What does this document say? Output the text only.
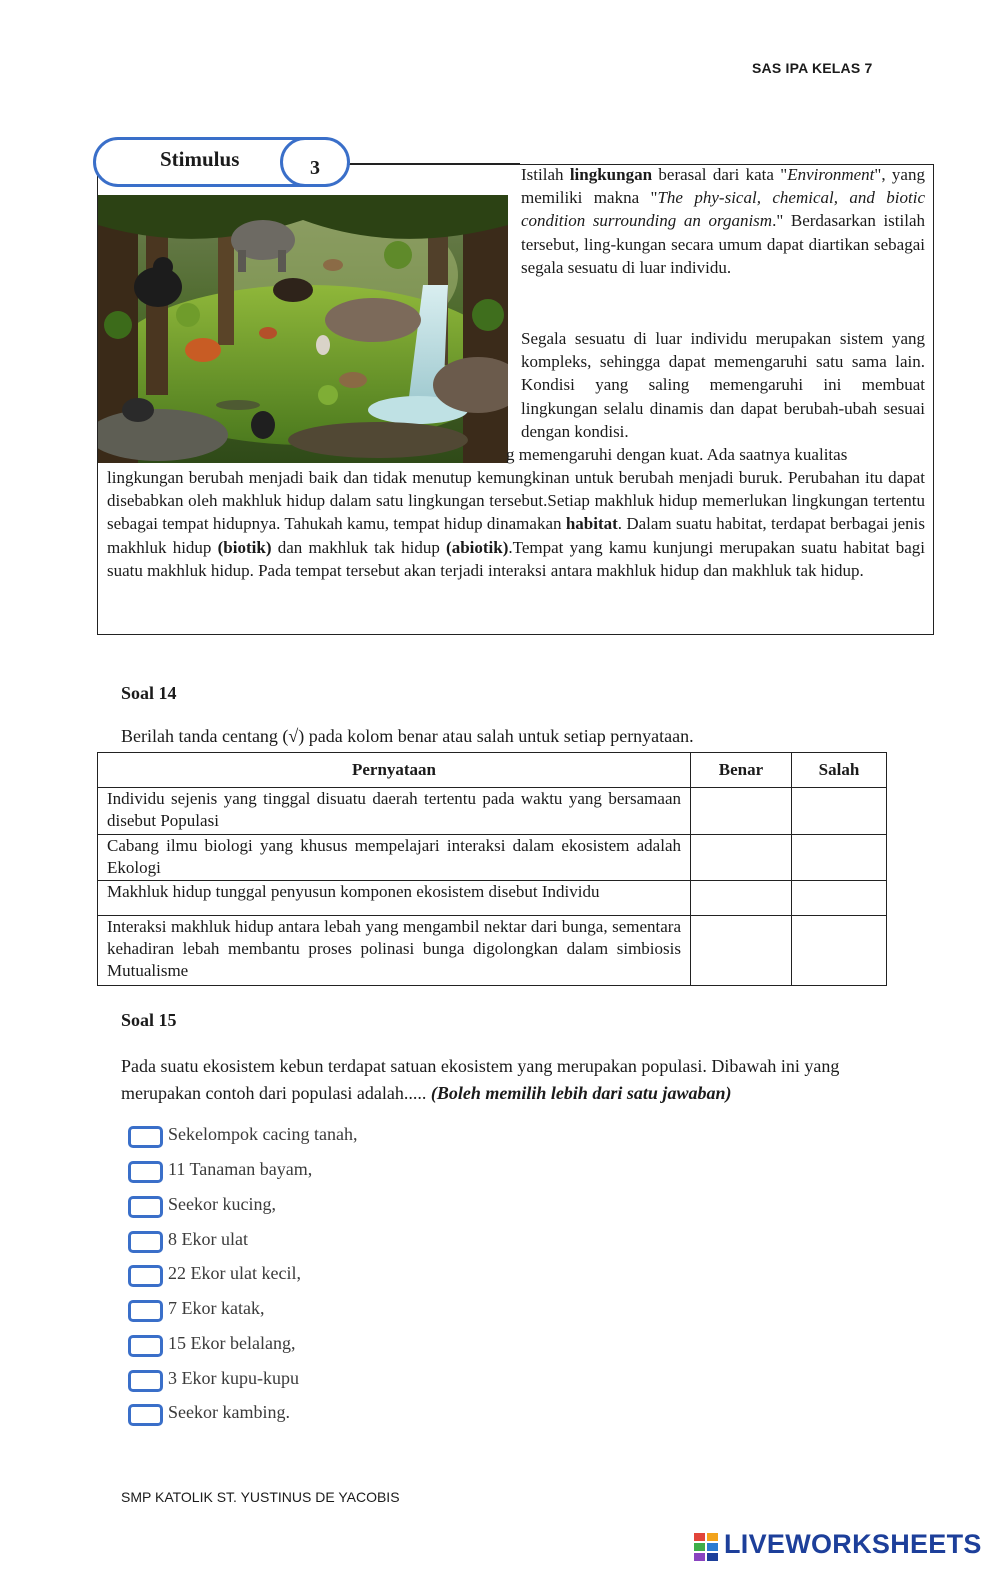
SAS IPA KELAS 7
Stimulus	3	Istilah lingkungan berasal dari kata "Environment", yang memiliki makna "The phy-sical, chemical, and biotic condition surrounding an organism." Berdasarkan istilah tersebut, ling-kungan secara umum dapat diartikan sebagai segala sesuatu di luar individu.
Segala sesuatu di luar individu merupakan sistem yang kompleks, sehingga dapat memengaruhi satu sama lain. Kondisi yang saling memengaruhi ini membuat lingkungan selalu dinamis dan dapat berubah-ubah sesuai dengan kondisi.
g memengaruhi dengan kuat. Ada saatnya kualitas
lingkungan berubah menjadi baik dan tidak menutup kemungkinan untuk berubah menjadi buruk. Perubahan itu dapat disebabkan oleh makhluk hidup dalam satu lingkungan tersebut.Setiap makhluk hidup memerlukan lingkungan tertentu sebagai tempat hidupnya. Tahukah kamu, tempat hidup dinamakan habitat. Dalam suatu habitat, terdapat berbagai jenis makhluk hidup (biotik) dan makhluk tak hidup (abiotik).Tempat yang kamu kunjungi merupakan suatu habitat bagi suatu makhluk hidup. Pada tempat tersebut akan terjadi interaksi antara makhluk hidup dan makhluk tak hidup.
Soal 14
Berilah tanda centang (√) pada kolom benar atau salah untuk setiap pernyataan.
Pernyataan	Benar	Salah
Individu sejenis yang tinggal disuatu daerah tertentu pada waktu yang bersamaan disebut Populasi		
Cabang ilmu biologi yang khusus mempelajari interaksi dalam ekosistem adalah Ekologi		
Makhluk hidup tunggal penyusun komponen ekosistem disebut Individu		
Interaksi makhluk hidup antara lebah yang mengambil nektar dari bunga, sementara kehadiran lebah membantu proses polinasi bunga digolongkan dalam simbiosis Mutualisme		
Soal 15
Pada suatu ekosistem kebun terdapat satuan ekosistem yang merupakan populasi. Dibawah ini yang merupakan contoh dari populasi adalah..... (Boleh memilih lebih dari satu jawaban)
Sekelompok cacing tanah,
11 Tanaman bayam,
Seekor kucing,
8 Ekor ulat
22 Ekor ulat kecil,
7 Ekor katak,
15 Ekor belalang,
3 Ekor kupu-kupu
Seekor kambing.
SMP KATOLIK ST. YUSTINUS DE YACOBIS
LIVEWORKSHEETS
